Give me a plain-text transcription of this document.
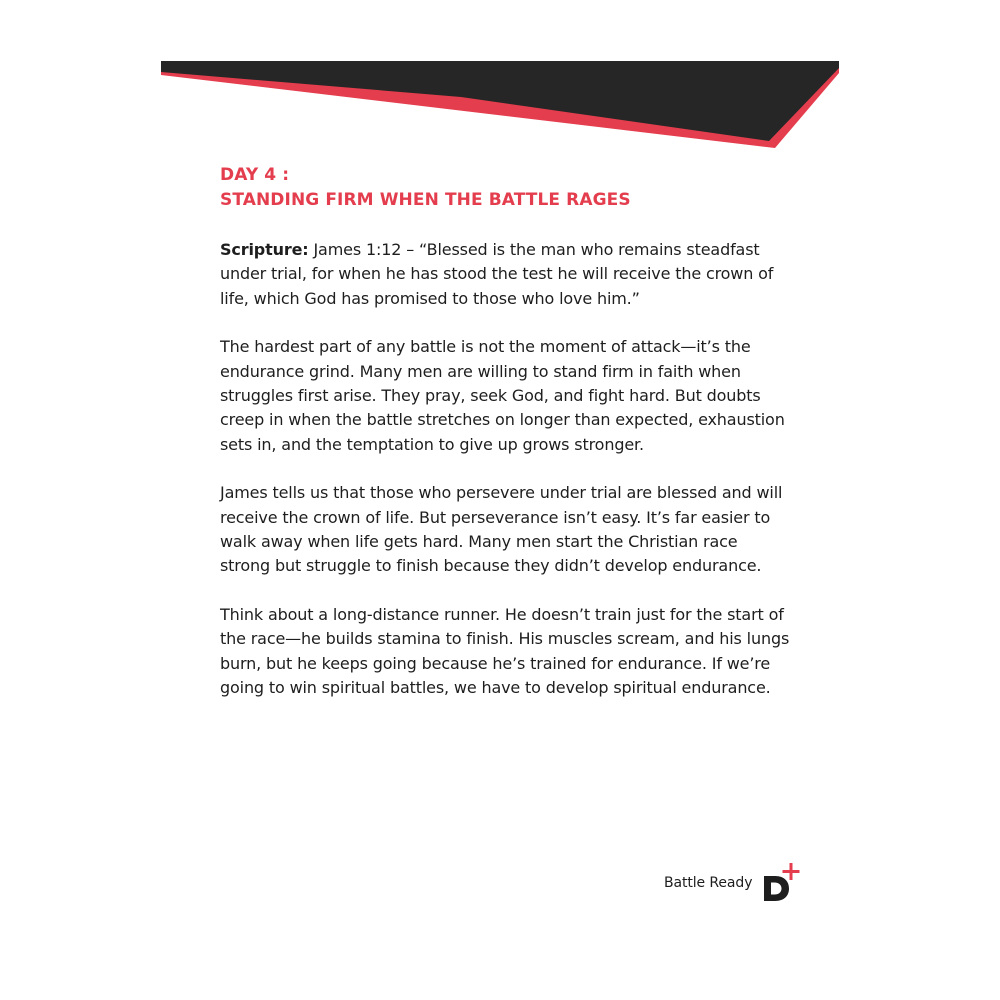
DAY 4 :

STANDING FIRM WHEN THE BATTLE RAGES

Scripture: James 1:12 – “Blessed is the man who remains steadfast under trial, for when he has stood the test he will receive the crown of life, which God has promised to those who love him.”

The hardest part of any battle is not the moment of attack—it’s the endurance grind. Many men are willing to stand firm in faith when struggles first arise. They pray, seek God, and fight hard. But doubts creep in when the battle stretches on longer than expected, exhaustion sets in, and the temptation to give up grows stronger.

James tells us that those who persevere under trial are blessed and will receive the crown of life. But perseverance isn’t easy. It’s far easier to walk away when life gets hard. Many men start the Christian race strong but struggle to finish because they didn’t develop endurance.

Think about a long-distance runner. He doesn’t train just for the start of the race—he builds stamina to finish. His muscles scream, and his lungs burn, but he keeps going because he’s trained for endurance. If we’re going to win spiritual battles, we have to develop spiritual endurance.

Battle Ready
